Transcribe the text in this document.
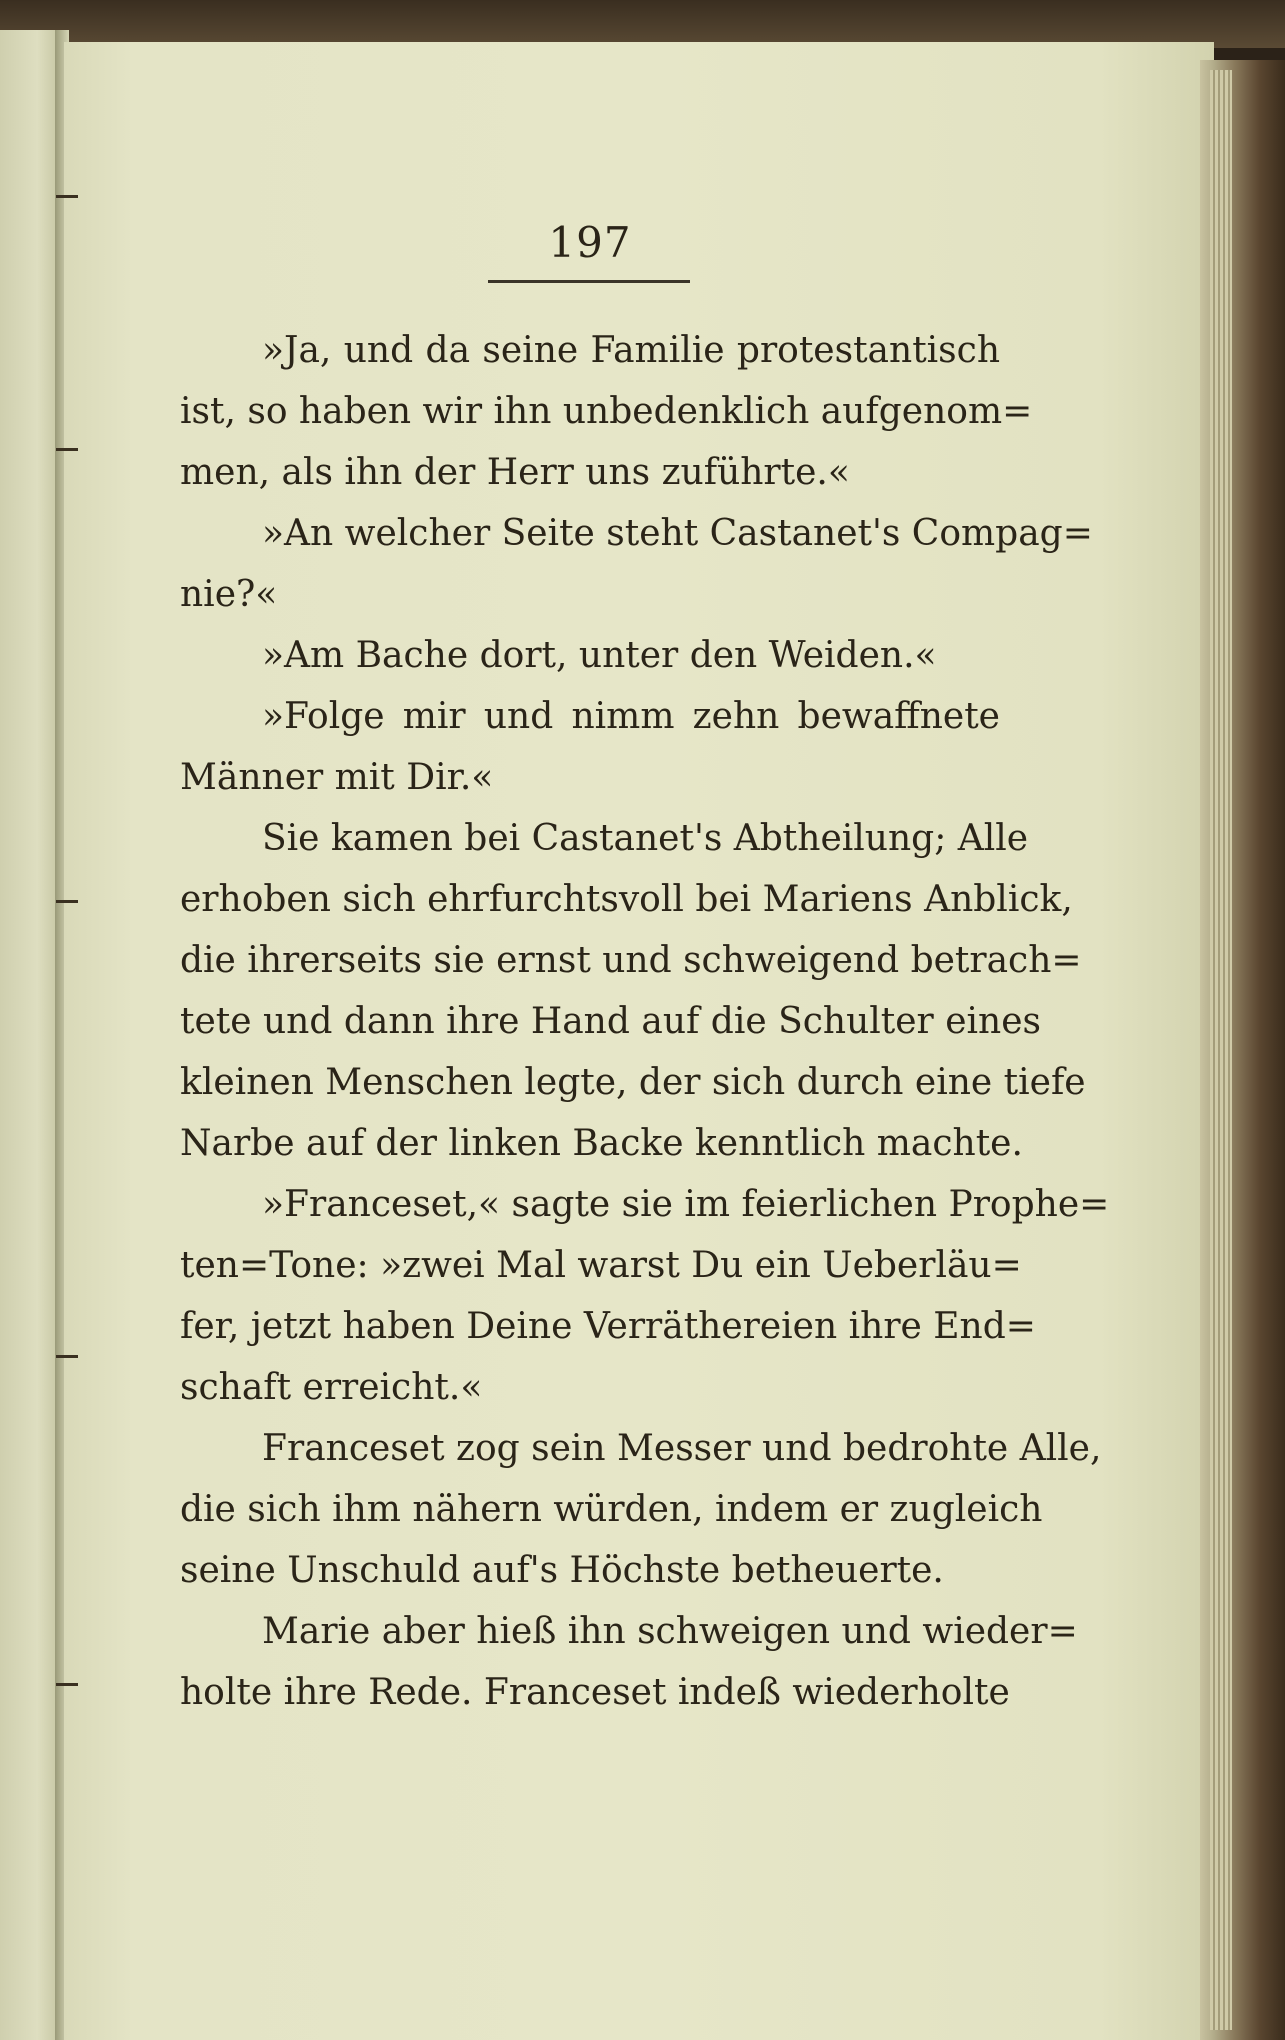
197
»Ja, und da seine Familie protestantisch
ist, so haben wir ihn unbedenklich aufgenom=
men, als ihn der Herr uns zuführte.«
»An welcher Seite steht Castanet's Compag=
nie?«
»Am Bache dort, unter den Weiden.«
»Folge mir und nimm zehn bewaffnete
Männer mit Dir.«
Sie kamen bei Castanet's Abtheilung; Alle
erhoben sich ehrfurchtsvoll bei Mariens Anblick,
die ihrerseits sie ernst und schweigend betrach=
tete und dann ihre Hand auf die Schulter eines
kleinen Menschen legte, der sich durch eine tiefe
Narbe auf der linken Backe kenntlich machte.
»Franceset,« sagte sie im feierlichen Prophe=
ten=Tone: »zwei Mal warst Du ein Ueberläu=
fer, jetzt haben Deine Verräthereien ihre End=
schaft erreicht.«
Franceset zog sein Messer und bedrohte Alle,
die sich ihm nähern würden, indem er zugleich
seine Unschuld auf's Höchste betheuerte.
Marie aber hieß ihn schweigen und wieder=
holte ihre Rede. Franceset indeß wiederholte
